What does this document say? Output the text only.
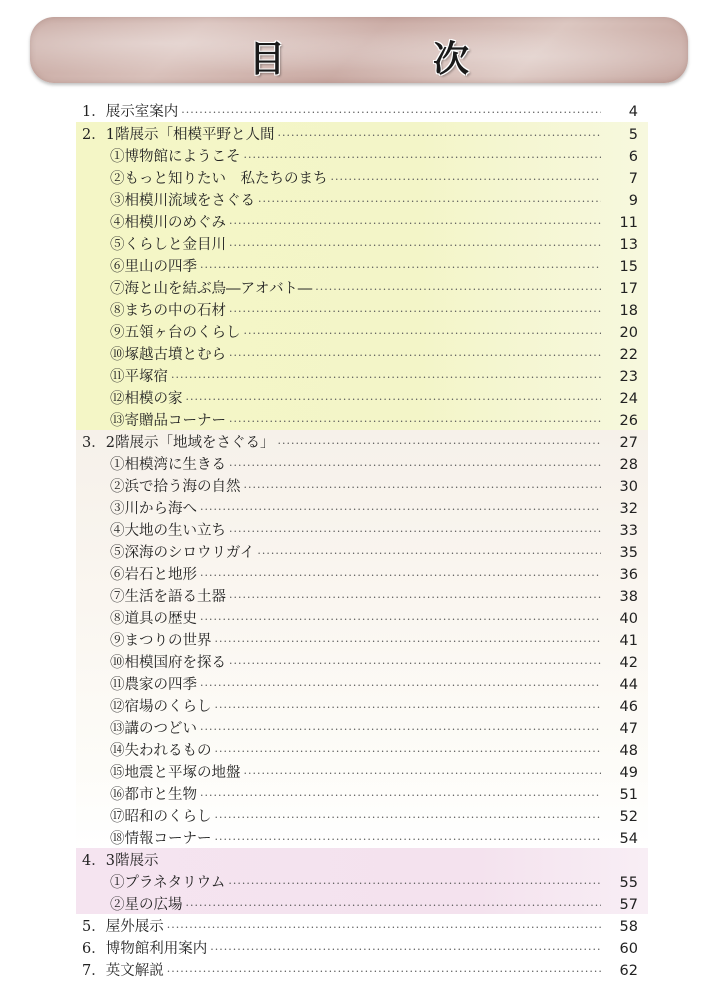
目　次
1．展示室案内 ·····	4
2．1階展示「相模平野と人間 ·····	5
①博物館にようこそ ·····	6
②もっと知りたい　私たちのまち ·····	7
③相模川流域をさぐる ·····	9
④相模川のめぐみ ·····	11
⑤くらしと金目川 ·····	13
⑥里山の四季 ·····	15
⑦海と山を結ぶ鳥―アオバト― ·····	17
⑧まちの中の石材 ·····	18
⑨五領ヶ台のくらし ·····	20
⑩塚越古墳とむら ·····	22
⑪平塚宿 ·····	23
⑫相模の家 ·····	24
⑬寄贈品コーナー ·····	26
3．2階展示「地域をさぐる」 ·····	27
①相模湾に生きる ·····	28
②浜で拾う海の自然 ·····	30
③川から海へ ·····	32
④大地の生い立ち ·····	33
⑤深海のシロウリガイ ·····	35
⑥岩石と地形 ·····	36
⑦生活を語る土器 ·····	38
⑧道具の歴史 ·····	40
⑨まつりの世界 ·····	41
⑩相模国府を探る ·····	42
⑪農家の四季 ·····	44
⑫宿場のくらし ·····	46
⑬講のつどい ·····	47
⑭失われるもの ·····	48
⑮地震と平塚の地盤 ·····	49
⑯都市と生物 ·····	51
⑰昭和のくらし ·····	52
⑱情報コーナー ·····	54
4．3階展示
①プラネタリウム ·····	55
②星の広場 ·····	57
5．屋外展示 ·····	58
6．博物館利用案内 ·····	60
7．英文解説 ·····	62
